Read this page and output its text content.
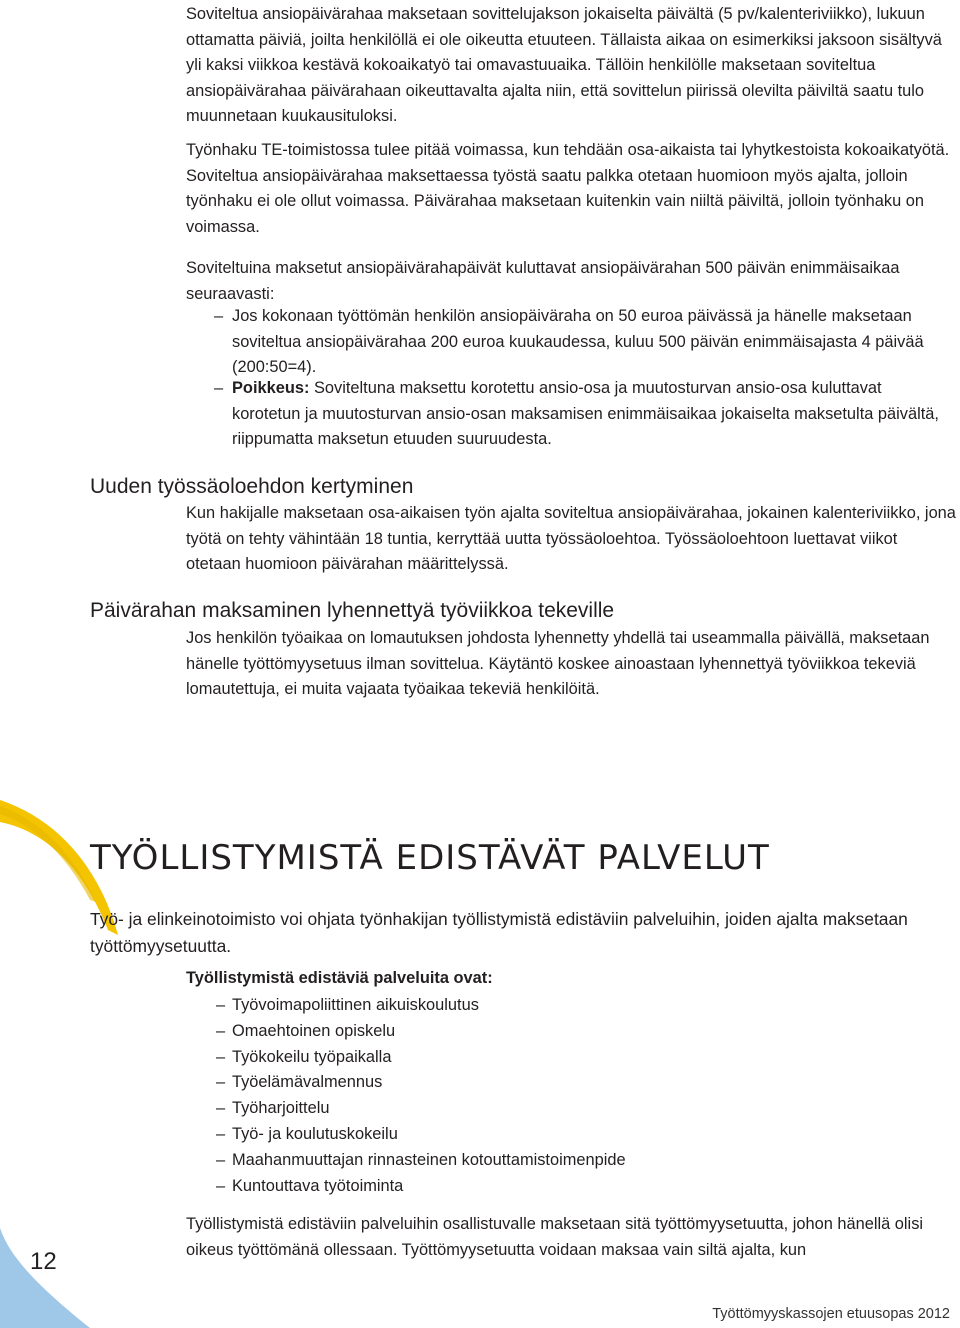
Soviteltua ansiopäivärahaa maksetaan sovittelujakson jokaiselta päivältä (5 pv/kalenteriviikko), lukuun ottamatta päiviä, joilta henkilöllä ei ole oikeutta etuuteen. Tällaista aikaa on esimerkiksi jaksoon sisältyvä yli kaksi viikkoa kestävä kokoaikatyö tai omavastuuaika. Tällöin henkilölle maksetaan soviteltua ansiopäivärahaa päivärahaan oikeuttavalta ajalta niin, että sovittelun piirissä olevilta päiviltä saatu tulo muunnetaan kuukausituloksi.

Työnhaku TE-toimistossa tulee pitää voimassa, kun tehdään osa-aikaista tai lyhytkestoista kokoaikatyötä. Soviteltua ansiopäivärahaa maksettaessa työstä saatu palkka otetaan huomioon myös ajalta, jolloin työnhaku ei ole ollut voimassa. Päivärahaa maksetaan kuitenkin vain niiltä päiviltä, jolloin työnhaku on voimassa.

Soviteltuina maksetut ansiopäivärahapäivät kuluttavat ansiopäivärahan 500 päivän enimmäisaikaa seuraavasti:

– Jos kokonaan työttömän henkilön ansiopäiväraha on 50 euroa päivässä ja hänelle maksetaan soviteltua ansiopäivärahaa 200 euroa kuukaudessa, kuluu 500 päivän enimmäisajasta 4 päivää (200:50=4).
– Poikkeus: Soviteltuna maksettu korotettu ansio-osa ja muutosturvan ansio-osa kuluttavat korotetun ja muutosturvan ansio-osan maksamisen enimmäisaikaa jokaiselta maksetulta päivältä, riippumatta maksetun etuuden suuruudesta.
Uuden työssäoloehdon kertyminen

Kun hakijalle maksetaan osa-aikaisen työn ajalta soviteltua ansiopäivärahaa, jokainen kalenteriviikko, jona työtä on tehty vähintään 18 tuntia, kerryttää uutta työssäoloehtoa. Työssäoloehtoon luettavat viikot otetaan huomioon päivärahan määrittelyssä.

Päivärahan maksaminen lyhennettyä työviikkoa tekeville

Jos henkilön työaikaa on lomautuksen johdosta lyhennetty yhdellä tai useammalla päivällä, maksetaan hänelle työttömyysetuus ilman sovittelua. Käytäntö koskee ainoastaan lyhennettyä työviikkoa tekeviä lomautettuja, ei muita vajaata työaikaa tekeviä henkilöitä.

TYÖLLISTYMISTÄ EDISTÄVÄT PALVELUT

Työ- ja elinkeinotoimisto voi ohjata työnhakijan työllistymistä edistäviin palveluihin, joiden ajalta maksetaan työttömyysetuutta.

Työllistymistä edistäviä palveluita ovat:

– Työvoimapoliittinen aikuiskoulutus
– Omaehtoinen opiskelu
– Työkokeilu työpaikalla
– Työelämävalmennus
– Työharjoittelu
– Työ- ja koulutuskokeilu
– Maahanmuuttajan rinnasteinen kotouttamistoimenpide
– Kuntouttava työtoiminta

Työllistymistä edistäviin palveluihin osallistuvalle maksetaan sitä työttömyysetuutta, johon hänellä olisi oikeus työttömänä ollessaan. Työttömyysetuutta voidaan maksaa vain siltä ajalta, kun

12
Työttömyyskassojen etuusopas 2012
